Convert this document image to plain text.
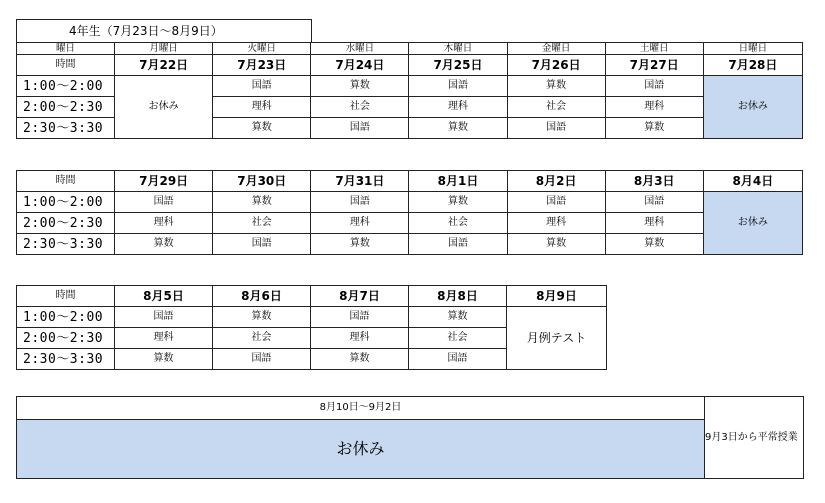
4年生（7月23日〜8月9日）
曜日	月曜日	火曜日	水曜日	木曜日	金曜日	土曜日	日曜日
時間	7月22日	7月23日	7月24日	7月25日	7月26日	7月27日	7月28日
1:00〜2:00	お休み	国語	算数	国語	算数	国語	お休み
2:00〜2:30		理科	社会	理科	社会	理科	
2:30〜3:30		算数	国語	算数	国語	算数	
時間	7月29日	7月30日	7月31日	8月1日	8月2日	8月3日	8月4日
1:00〜2:00	国語	算数	国語	算数	国語	国語	お休み
2:00〜2:30	理科	社会	理科	社会	理科	理科	
2:30〜3:30	算数	国語	算数	国語	算数	算数	
時間	8月5日	8月6日	8月7日	8月8日	8月9日
1:00〜2:00	国語	算数	国語	算数	月例テスト
2:00〜2:30	理科	社会	理科	社会	
2:30〜3:30	算数	国語	算数	国語	
8月10日〜9月2日	9月3日から平常授業
お休み
